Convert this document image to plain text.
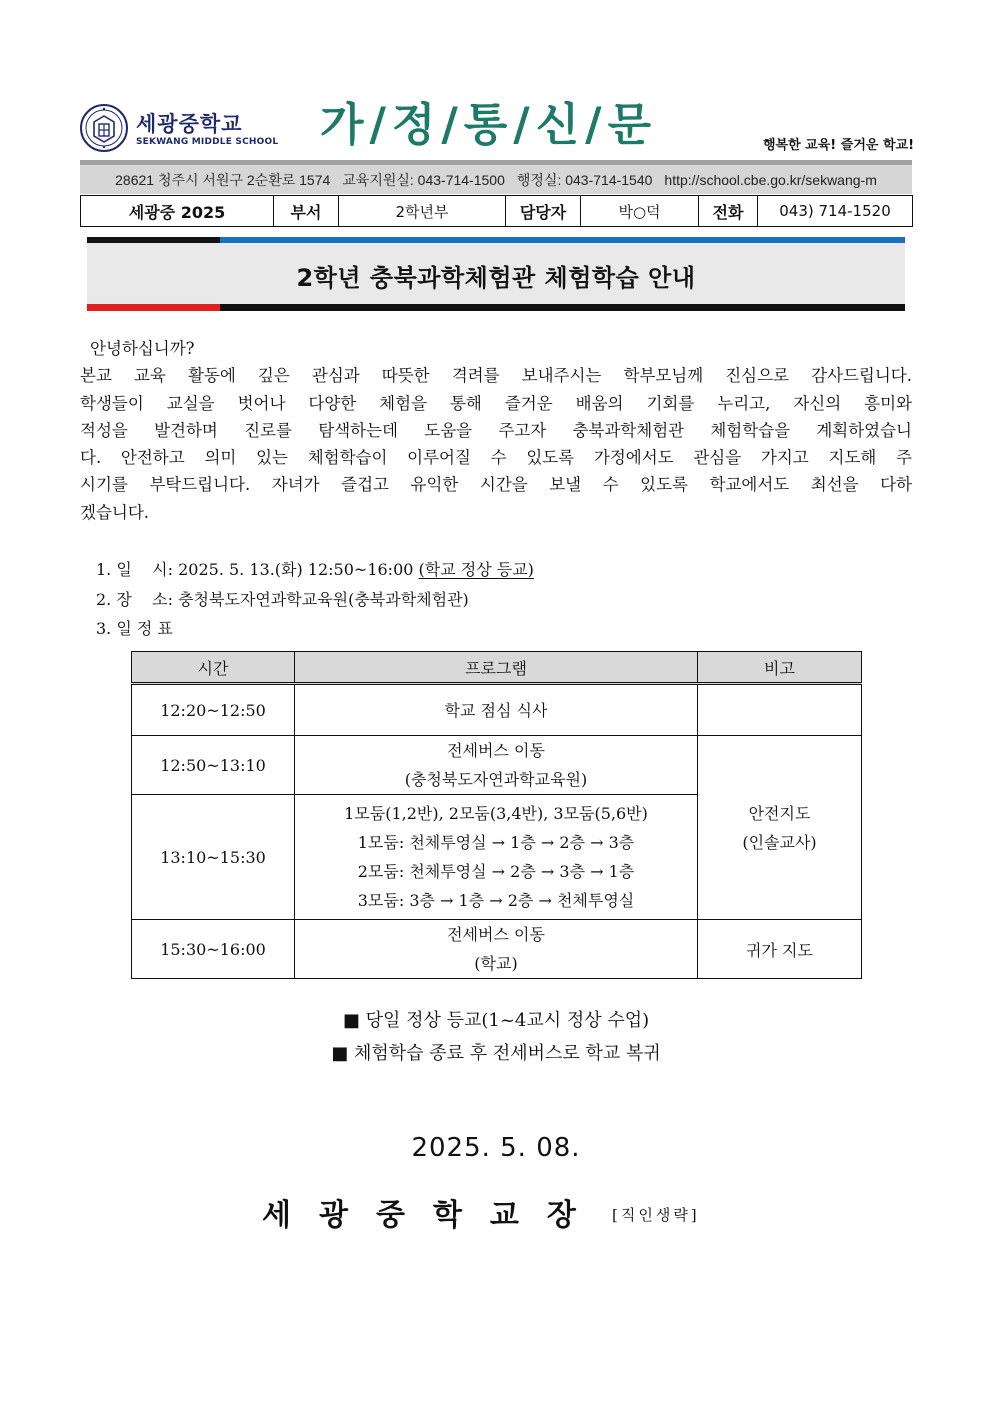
세광중학교
SEKWANG MIDDLE SCHOOL 가/정/통/신/문	행복한 교육! 즐거운 학교!
28621 청주시 서원구 2순환로 1574 교육지원실: 043-714-1500 행정실: 043-714-1540 http://school.cbe.go.kr/sekwang-m
세광중 2025	부서	2학년부	담당자	박○덕	전화	043) 714-1520
2학년 충북과학체험관 체험학습 안내
안녕하십니까?
본교 교육 활동에 깊은 관심과 따뜻한 격려를 보내주시는 학부모님께 진심으로 감사드립니다.
학생들이 교실을 벗어나 다양한 체험을 통해 즐거운 배움의 기회를 누리고, 자신의 흥미와
적성을 발견하며 진로를 탐색하는데 도움을 주고자 충북과학체험관 체험학습을 계획하였습니
다. 안전하고 의미 있는 체험학습이 이루어질 수 있도록 가정에서도 관심을 가지고 지도해 주
시기를 부탁드립니다. 자녀가 즐겁고 유익한 시간을 보낼 수 있도록 학교에서도 최선을 다하
겠습니다.
1. 일    시: 2025. 5. 13.(화) 12:50~16:00 (학교 정상 등교)
2. 장    소: 충청북도자연과학교육원(충북과학체험관)
3. 일 정 표
시간	프로그램	비고
12:20~12:50	학교 점심 식사	

12:50~13:10	전세버스 이동
(충청북도자연과학교육원)	안전지도
(인솔교사)

13:10~15:30	1모둠(1,2반), 2모둠(3,4반), 3모둠(5,6반)
1모둠: 천체투영실 → 1층 → 2층 → 3층
2모둠: 천체투영실 → 2층 → 3층 → 1층
3모둠: 3층 → 1층 → 2층 → 천체투영실	

15:30~16:00	전세버스 이동
(학교)	귀가 지도
■ 당일 정상 등교(1~4교시 정상 수업)
■ 체험학습 종료 후 전세버스로 학교 복귀
2025. 5. 08.
세광중학교장 [직인생략]
